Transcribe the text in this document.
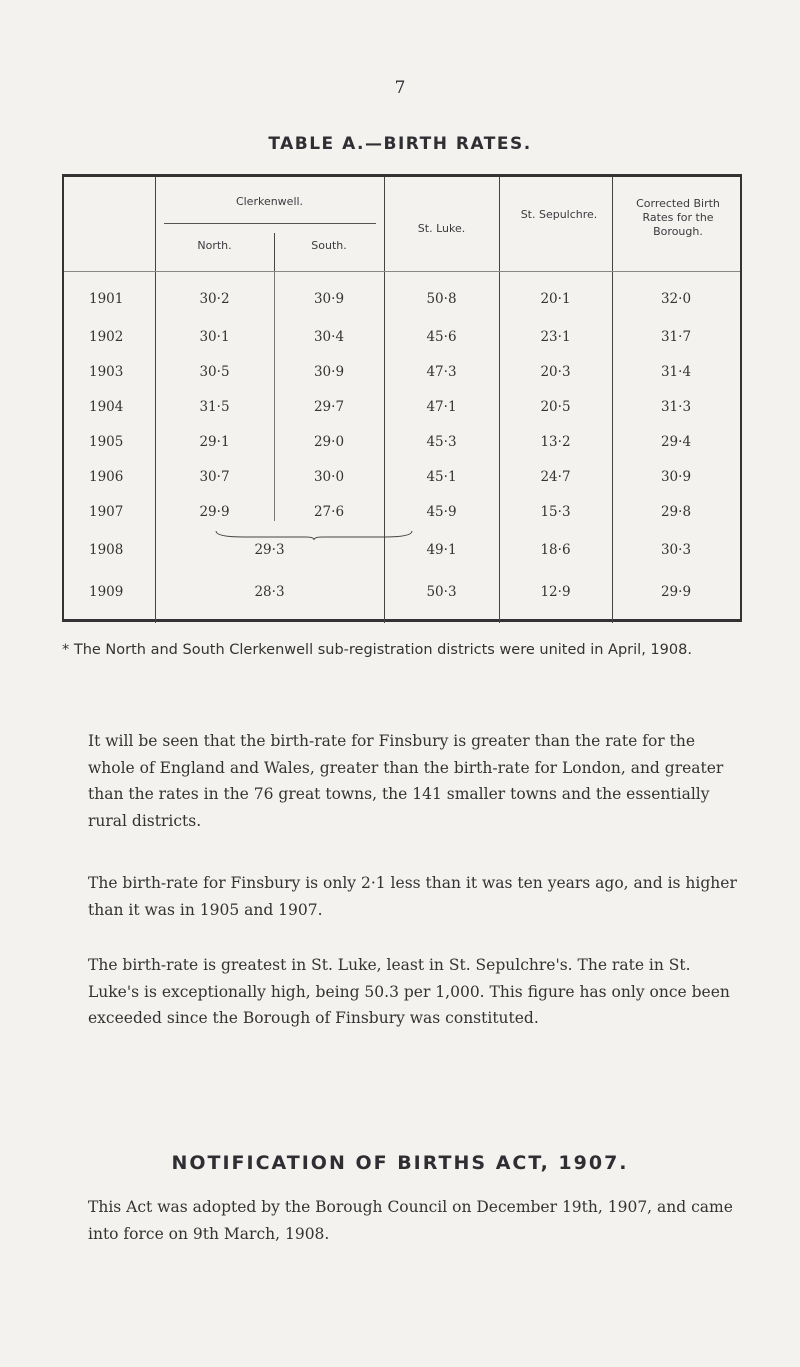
7
TABLE A.—BIRTH RATES.
Clerkenwell.
North.	South.
St. Luke.
St. Sepulchre.
Corrected Birth Rates for the Borough.
1901	30·2	30·9	50·8	20·1	32·0
1902	30·1	30·4	45·6	23·1	31·7
1903	30·5	30·9	47·3	20·3	31·4
1904	31·5	29·7	47·1	20·5	31·3
1905	29·1	29·0	45·3	13·2	29·4
1906	30·7	30·0	45·1	24·7	30·9
1907	29·9	27·6	45·9	15·3	29·8
1908	29·3	49·1	18·6	30·3
1909	28·3	50·3	12·9	29·9
* The North and South Clerkenwell sub-registration districts were united in April, 1908.

It will be seen that the birth-rate for Finsbury is greater than the rate for the whole of England and Wales, greater than the birth-rate for London, and greater than the rates in the 76 great towns, the 141 smaller towns and the essentially rural districts.

The birth-rate for Finsbury is only 2·1 less than it was ten years ago, and is higher than it was in 1905 and 1907.

The birth-rate is greatest in St. Luke, least in St. Sepulchre's. The rate in St. Luke's is exceptionally high, being 50.3 per 1,000. This figure has only once been exceeded since the Borough of Finsbury was constituted.

NOTIFICATION OF BIRTHS ACT, 1907.

This Act was adopted by the Borough Council on December 19th, 1907, and came into force on 9th March, 1908.
